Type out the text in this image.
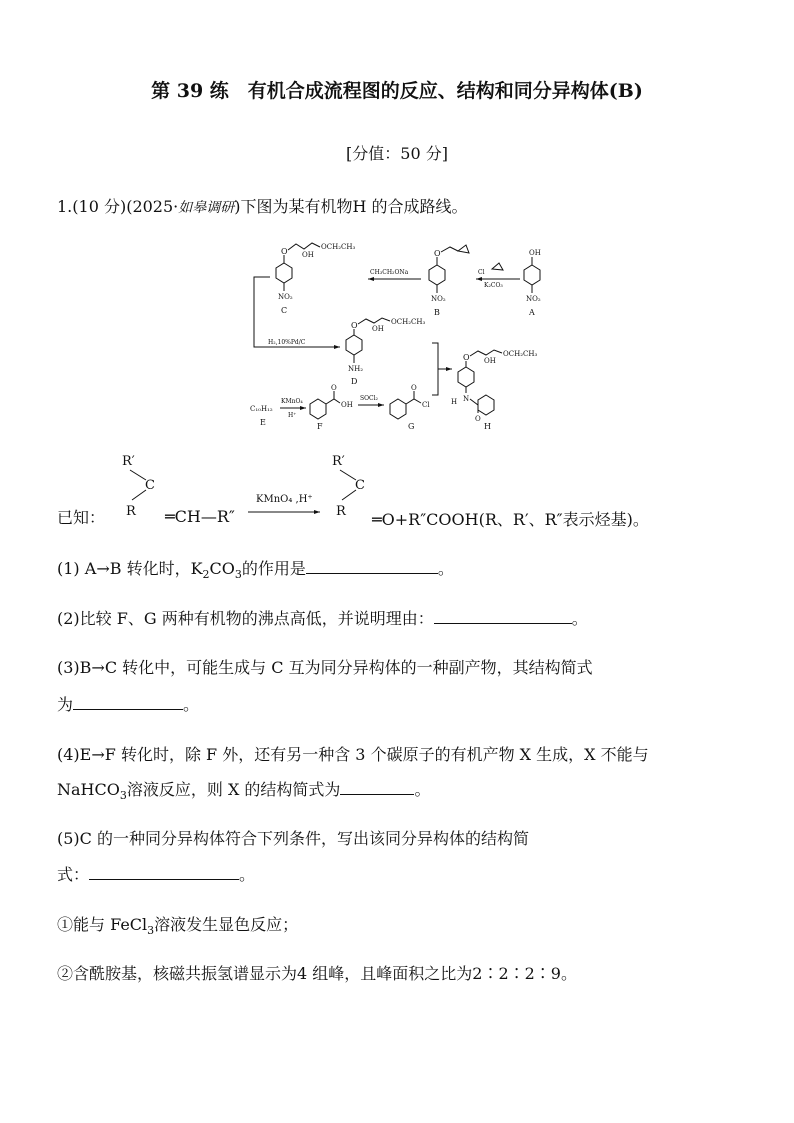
第 39 练　有机合成流程图的反应、结构和同分异构体(B)
[分值：50 分]
1.(10 分)(2025·如皋调研)下图为某有机物H 的合成路线。
O OH
OCH₂CH₃
NO₂
C
O
NO₂
B
OH
NO₂
A
CH₃CH₂ONa	Cl
K₂CO₃
H₂,10%Pd/C
O OH
OCH₂CH₃
NH₂
D
C₁₀H₁₂
E
KMnO₄
H⁺
O
OH
F
SOCl₂
O
Cl
G
O OH
OCH₂CH₃
N
H
O
H
已知：
R′
C
R ═CH—R″
KMnO₄ ,H⁺
R′
C
R ═O+R″COOH(R、R′、R″表示烃基)。
(1) A→B 转化时，$K_2CO_3$的作用是	。
(2)比较 F、G 两种有机物的沸点高低，并说明理由：	。
(3)B→C 转化中，可能生成与 C 互为同分异构体的一种副产物，其结构简式
为	。
(4)E→F 转化时，除 F 外，还有另一种含 3 个碳原子的有机产物 X 生成，X 不能与
NaHCO$_3$溶液反应，则 X 的结构简式为	。
(5)C 的一种同分异构体符合下列条件，写出该同分异构体的结构简
式：	。
①能与 FeCl$_3$溶液发生显色反应；
②含酰胺基，核磁共振氢谱显示为4 组峰，且峰面积之比为2∶2∶2∶9。
